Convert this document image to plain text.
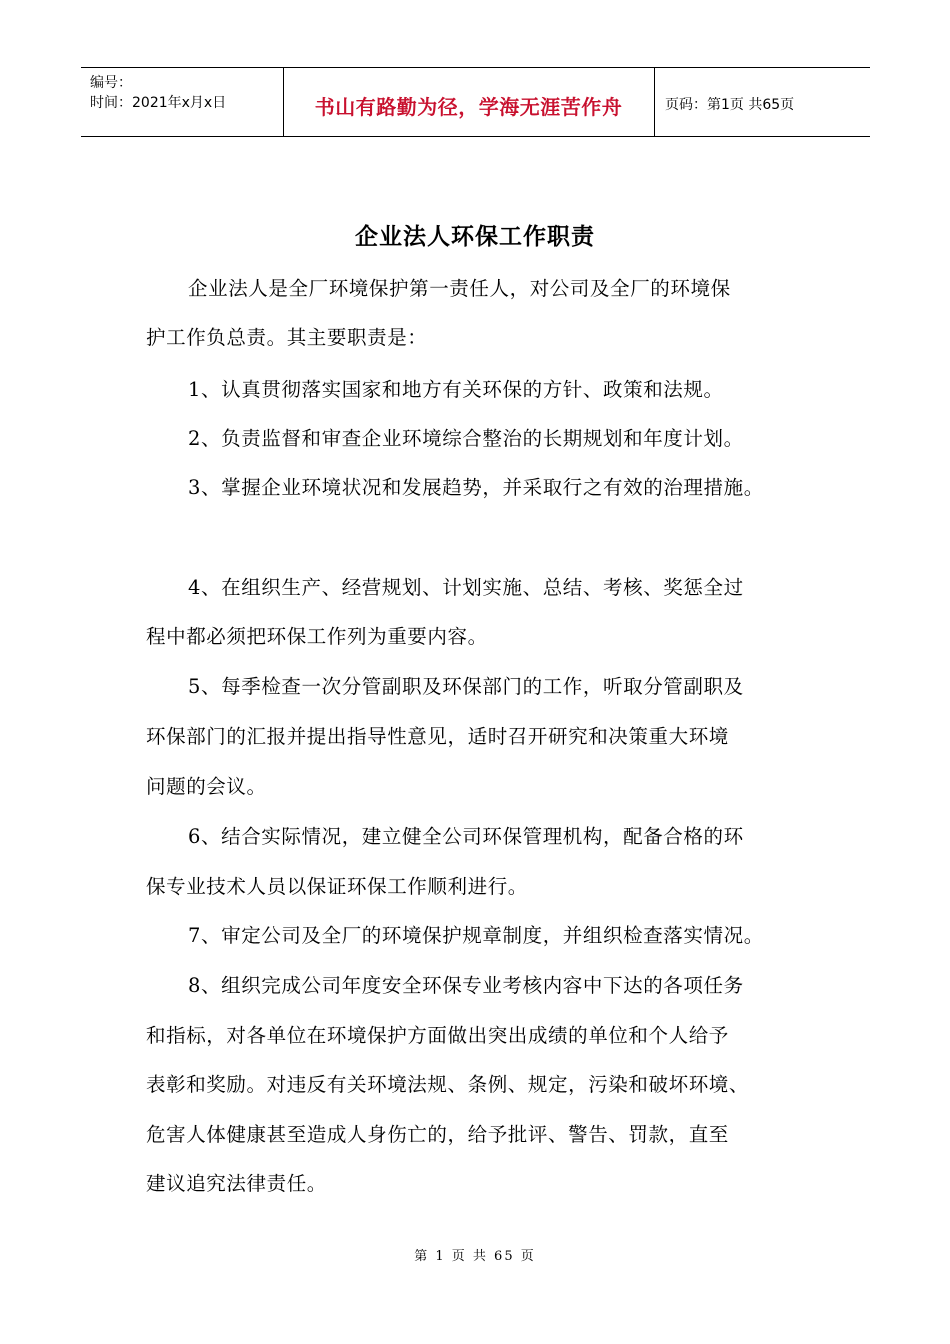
编号：
时间：2021年x月x日	书山有路勤为径，学海无涯苦作舟	页码：第1页 共65页
企业法人环保工作职责
企业法人是全厂环境保护第一责任人，对公司及全厂的环境保
护工作负总责。其主要职责是：
1、认真贯彻落实国家和地方有关环保的方针、政策和法规。
2、负责监督和审查企业环境综合整治的长期规划和年度计划。
3、掌握企业环境状况和发展趋势，并采取行之有效的治理措施。
4、在组织生产、经营规划、计划实施、总结、考核、奖惩全过
程中都必须把环保工作列为重要内容。
5、每季检查一次分管副职及环保部门的工作，听取分管副职及
环保部门的汇报并提出指导性意见，适时召开研究和决策重大环境
问题的会议。
6、结合实际情况，建立健全公司环保管理机构，配备合格的环
保专业技术人员以保证环保工作顺利进行。
7、审定公司及全厂的环境保护规章制度，并组织检查落实情况。
8、组织完成公司年度安全环保专业考核内容中下达的各项任务
和指标，对各单位在环境保护方面做出突出成绩的单位和个人给予
表彰和奖励。对违反有关环境法规、条例、规定，污染和破坏环境、
危害人体健康甚至造成人身伤亡的，给予批评、警告、罚款，直至
建议追究法律责任。
第 1 页 共 65 页
